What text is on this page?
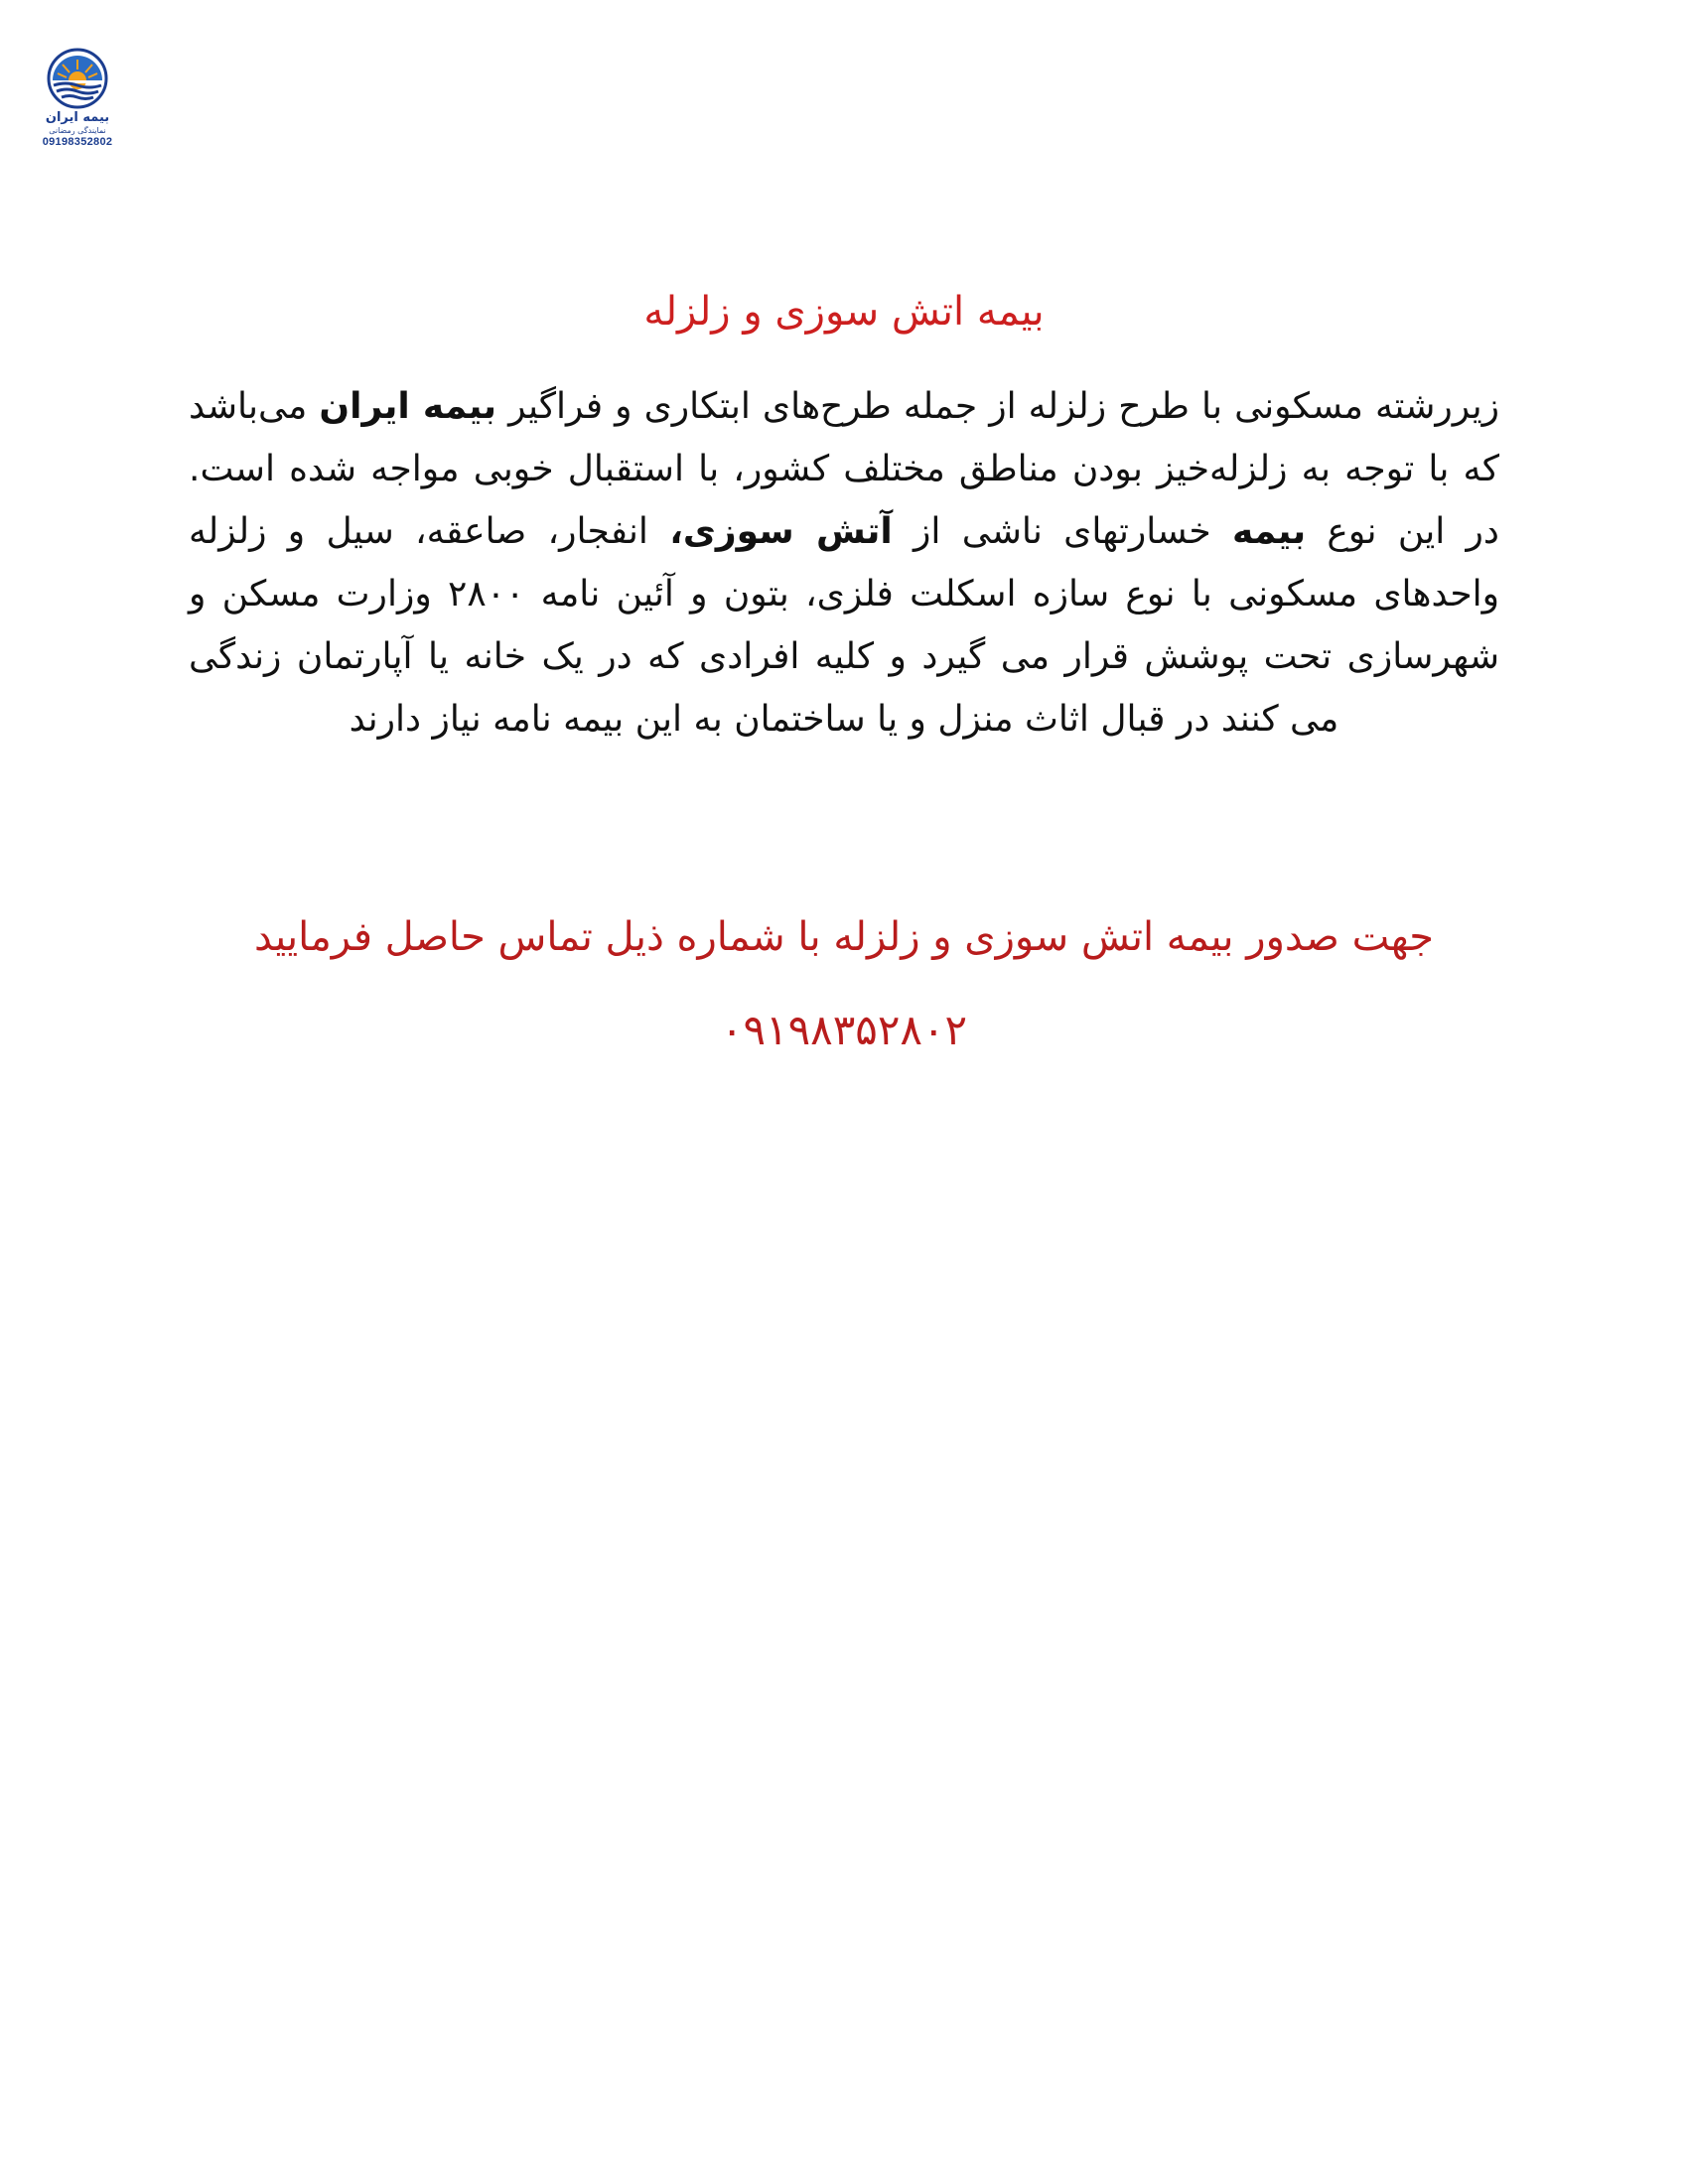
بیمه ایران
نمایندگی رمضانی
09198352802
بیمه اتش سوزی و زلزله

زیررشته مسکونی با طرح زلزله از جمله طرح‌های ابتکاری و فراگیر بیمه ایران می‌باشد که با توجه به زلزله‌خیز بودن مناطق مختلف کشور، با استقبال خوبی مواجه شده است. در این نوع بیمه خسارتهای ناشی از آتش سوزی، انفجار، صاعقه، سیل و زلزله واحدهای مسکونی با نوع سازه اسکلت فلزی، بتون و آئین نامه ۲۸۰۰ وزارت مسکن و شهرسازی تحت پوشش قرار می گیرد و کلیه افرادی که در یک خانه یا آپارتمان زندگی می کنند در قبال اثاث منزل و یا ساختمان به این بیمه نامه نیاز دارند

جهت صدور بیمه اتش سوزی و زلزله با شماره ذیل تماس حاصل فرمایید
۰۹۱۹۸۳۵۲۸۰۲
